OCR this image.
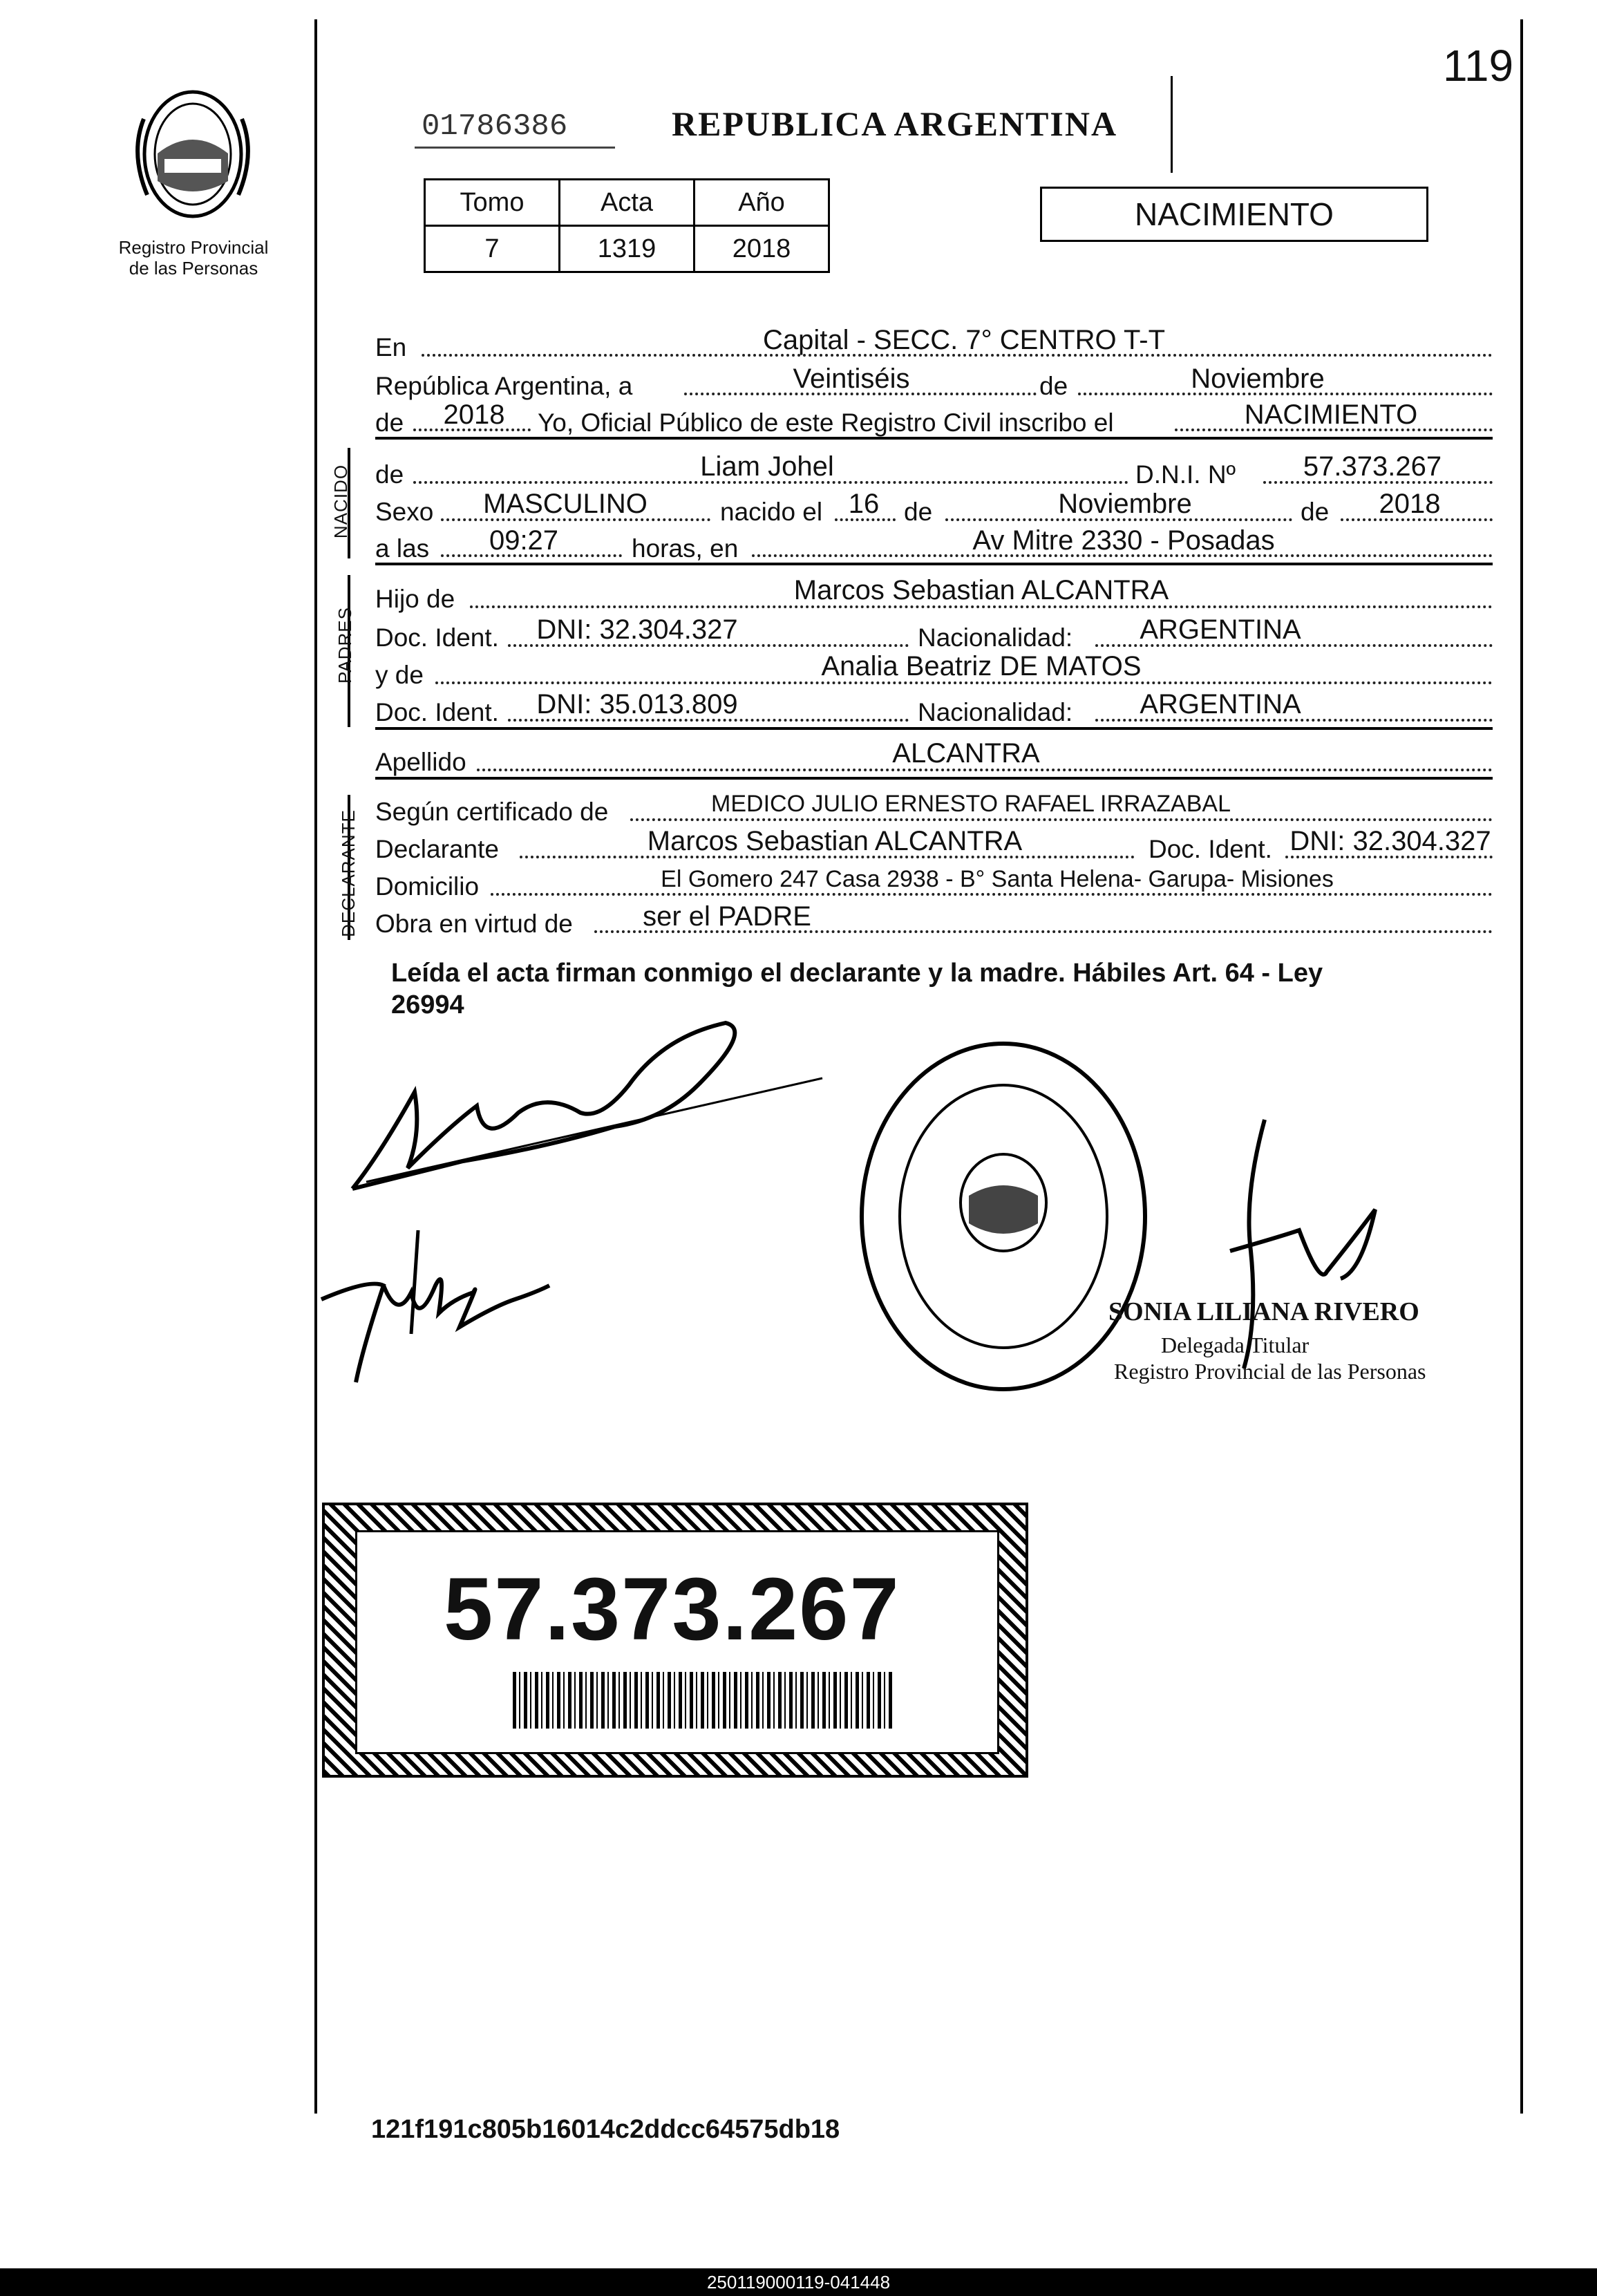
119
Registro Provincial
de las Personas
01786386	REPUBLICA ARGENTINA
Tomo	Acta	Año
7	1319	2018
NACIMIENTO
En	Capital - SECC. 7° CENTRO T-T
República Argentina, a	Veintiséis	de	Noviembre
de 2018 Yo, Oficial Público de este Registro Civil inscribo el	NACIMIENTO
NACIDO de	Liam Johel	D.N.I. Nº 57.373.267
Sexo MASCULINO	nacido el 16 de	Noviembre	de 2018
a las 09:27	horas, en	Av Mitre 2330 - Posadas
PADRES
Hijo de	Marcos Sebastian ALCANTRA
Doc. Ident. DNI: 32.304.327	Nacionalidad: ARGENTINA
y de	Analia Beatriz DE MATOS
Doc. Ident. DNI: 35.013.809	Nacionalidad: ARGENTINA
Apellido	ALCANTRA
DECLARANTE Según certificado de	MEDICO JULIO ERNESTO RAFAEL IRRAZABAL
Declarante	Marcos Sebastian ALCANTRA	Doc. Ident. DNI: 32.304.327
Domicilio	El Gomero 247 Casa 2938 - B° Santa Helena- Garupa- Misiones
Obra en virtud de	ser el PADRE
Leída el acta firman conmigo el declarante y la madre. Hábiles Art. 64 - Ley
26994
SONIA LILIANA RIVERO
Delegada Titular
Registro Provincial de las Personas
57.373.267
121f191c805b16014c2ddcc64575db18
250119000119-041448
